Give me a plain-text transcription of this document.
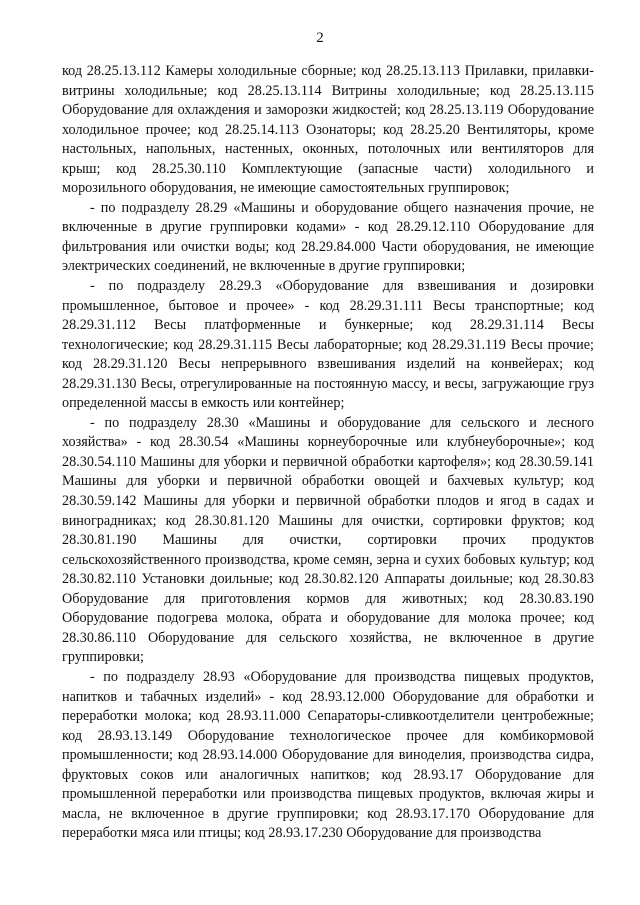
2

код 28.25.13.112 Камеры холодильные сборные; код 28.25.13.113 Прилавки, прилавки-витрины холодильные; код 28.25.13.114 Витрины холодильные; код 28.25.13.115 Оборудование для охлаждения и заморозки жидкостей; код 28.25.13.119 Оборудование холодильное прочее; код 28.25.14.113 Озонаторы; код 28.25.20 Вентиляторы, кроме настольных, напольных, настенных, оконных, потолочных или вентиляторов для крыш; код 28.25.30.110 Комплектующие (запасные части) холодильного и морозильного оборудования, не имеющие самостоятельных группировок;

- по подразделу 28.29 «Машины и оборудование общего назначения прочие, не включенные в другие группировки кодами» - код 28.29.12.110 Оборудование для фильтрования или очистки воды; код 28.29.84.000 Части оборудования, не имеющие электрических соединений, не включенные в другие группировки;

- по подразделу 28.29.3 «Оборудование для взвешивания и дозировки промышленное, бытовое и прочее» - код 28.29.31.111 Весы транспортные; код 28.29.31.112 Весы платформенные и бункерные; код 28.29.31.114 Весы технологические; код 28.29.31.115 Весы лабораторные; код 28.29.31.119 Весы прочие; код 28.29.31.120 Весы непрерывного взвешивания изделий на конвейерах; код 28.29.31.130 Весы, отрегулированные на постоянную массу, и весы, загружающие груз определенной массы в емкость или контейнер;

- по подразделу 28.30 «Машины и оборудование для сельского и лесного хозяйства» - код 28.30.54 «Машины корнеуборочные или клубнеуборочные»; код 28.30.54.110 Машины для уборки и первичной обработки картофеля»; код 28.30.59.141 Машины для уборки и первичной обработки овощей и бахчевых культур; код 28.30.59.142 Машины для уборки и первичной обработки плодов и ягод в садах и виноградниках; код 28.30.81.120 Машины для очистки, сортировки фруктов; код 28.30.81.190 Машины для очистки, сортировки прочих продуктов сельскохозяйственного производства, кроме семян, зерна и сухих бобовых культур; код 28.30.82.110 Установки доильные; код 28.30.82.120 Аппараты доильные; код 28.30.83 Оборудование для приготовления кормов для животных; код 28.30.83.190 Оборудование подогрева молока, обрата и оборудование для молока прочее; код 28.30.86.110 Оборудование для сельского хозяйства, не включенное в другие группировки;

- по подразделу 28.93 «Оборудование для производства пищевых продуктов, напитков и табачных изделий» - код 28.93.12.000 Оборудование для обработки и переработки молока; код 28.93.11.000 Сепараторы-сливкоотделители центробежные; код 28.93.13.149 Оборудование технологическое прочее для комбикормовой промышленности; код 28.93.14.000 Оборудование для виноделия, производства сидра, фруктовых соков или аналогичных напитков; код 28.93.17 Оборудование для промышленной переработки или производства пищевых продуктов, включая жиры и масла, не включенное в другие группировки; код 28.93.17.170 Оборудование для переработки мяса или птицы; код 28.93.17.230 Оборудование для производства
